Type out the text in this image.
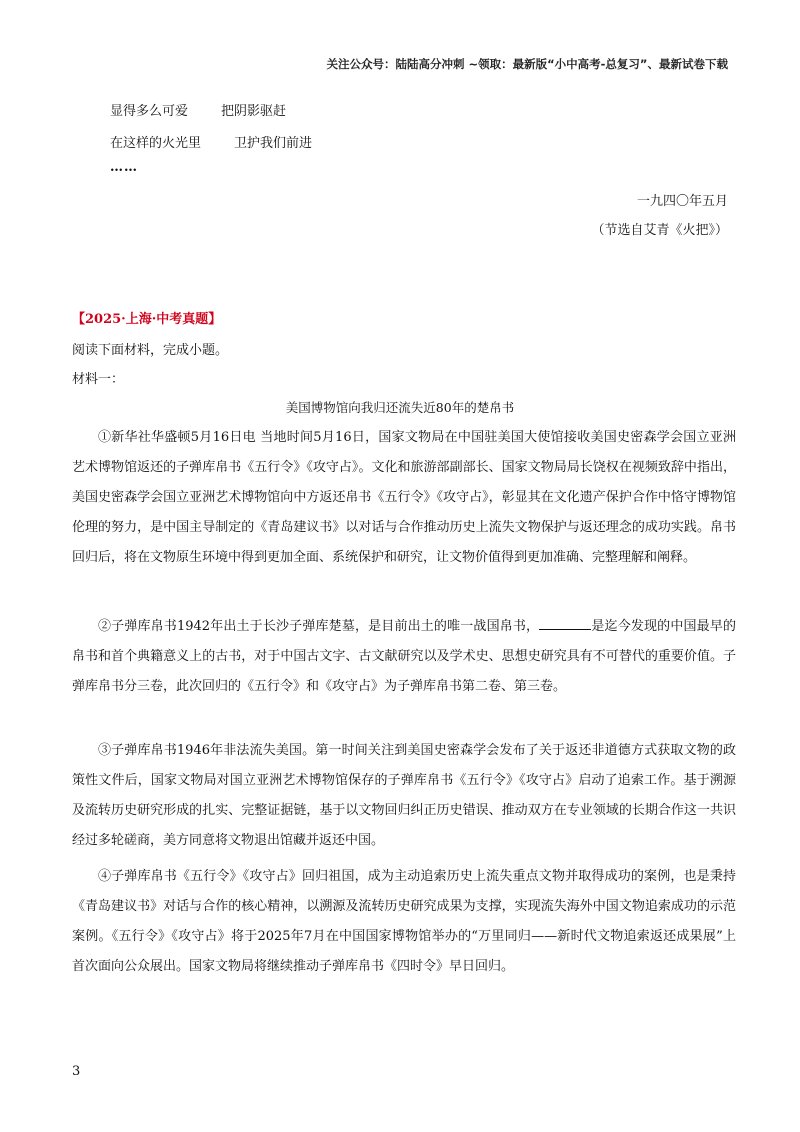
关注公众号：陆陆高分冲刺 ~领取：最新版“小中高考-总复习”、最新试卷下载
显得多么可爱        把阴影驱赶
在这样的火光里        卫护我们前进
……
一九四〇年五月
（节选自艾青《火把》）
【2025·上海·中考真题】
阅读下面材料，完成小题。
材料一：
美国博物馆向我归还流失近80年的楚帛书

①新华社华盛顿5月16日电 当地时间5月16日，国家文物局在中国驻美国大使馆接收美国史密森学会国立亚洲艺术博物馆返还的子弹库帛书《五行令》《攻守占》。文化和旅游部副部长、国家文物局局长饶权在视频致辞中指出，美国史密森学会国立亚洲艺术博物馆向中方返还帛书《五行令》《攻守占》，彰显其在文化遗产保护合作中恪守博物馆伦理的努力，是中国主导制定的《青岛建议书》以对话与合作推动历史上流失文物保护与返还理念的成功实践。帛书回归后，将在文物原生环境中得到更加全面、系统保护和研究，让文物价值得到更加准确、完整理解和阐释。

②子弹库帛书1942年出土于长沙子弹库楚墓，是目前出土的唯一战国帛书，	是迄今发现的中国最早的帛书和首个典籍意义上的古书，对于中国古文字、古文献研究以及学术史、思想史研究具有不可替代的重要价值。子弹库帛书分三卷，此次回归的《五行令》和《攻守占》为子弹库帛书第二卷、第三卷。

③子弹库帛书1946年非法流失美国。第一时间关注到美国史密森学会发布了关于返还非道德方式获取文物的政策性文件后，国家文物局对国立亚洲艺术博物馆保存的子弹库帛书《五行令》《攻守占》启动了追索工作。基于溯源及流转历史研究形成的扎实、完整证据链，基于以文物回归纠正历史错误、推动双方在专业领域的长期合作这一共识经过多轮磋商，美方同意将文物退出馆藏并返还中国。

④子弹库帛书《五行令》《攻守占》回归祖国，成为主动追索历史上流失重点文物并取得成功的案例，也是秉持《青岛建议书》对话与合作的核心精神，以溯源及流转历史研究成果为支撑，实现流失海外中国文物追索成功的示范案例。《五行令》《攻守占》将于2025年7月在中国国家博物馆举办的“万里同归——新时代文物追索返还成果展”上首次面向公众展出。国家文物局将继续推动子弹库帛书《四时令》早日回归。

3
